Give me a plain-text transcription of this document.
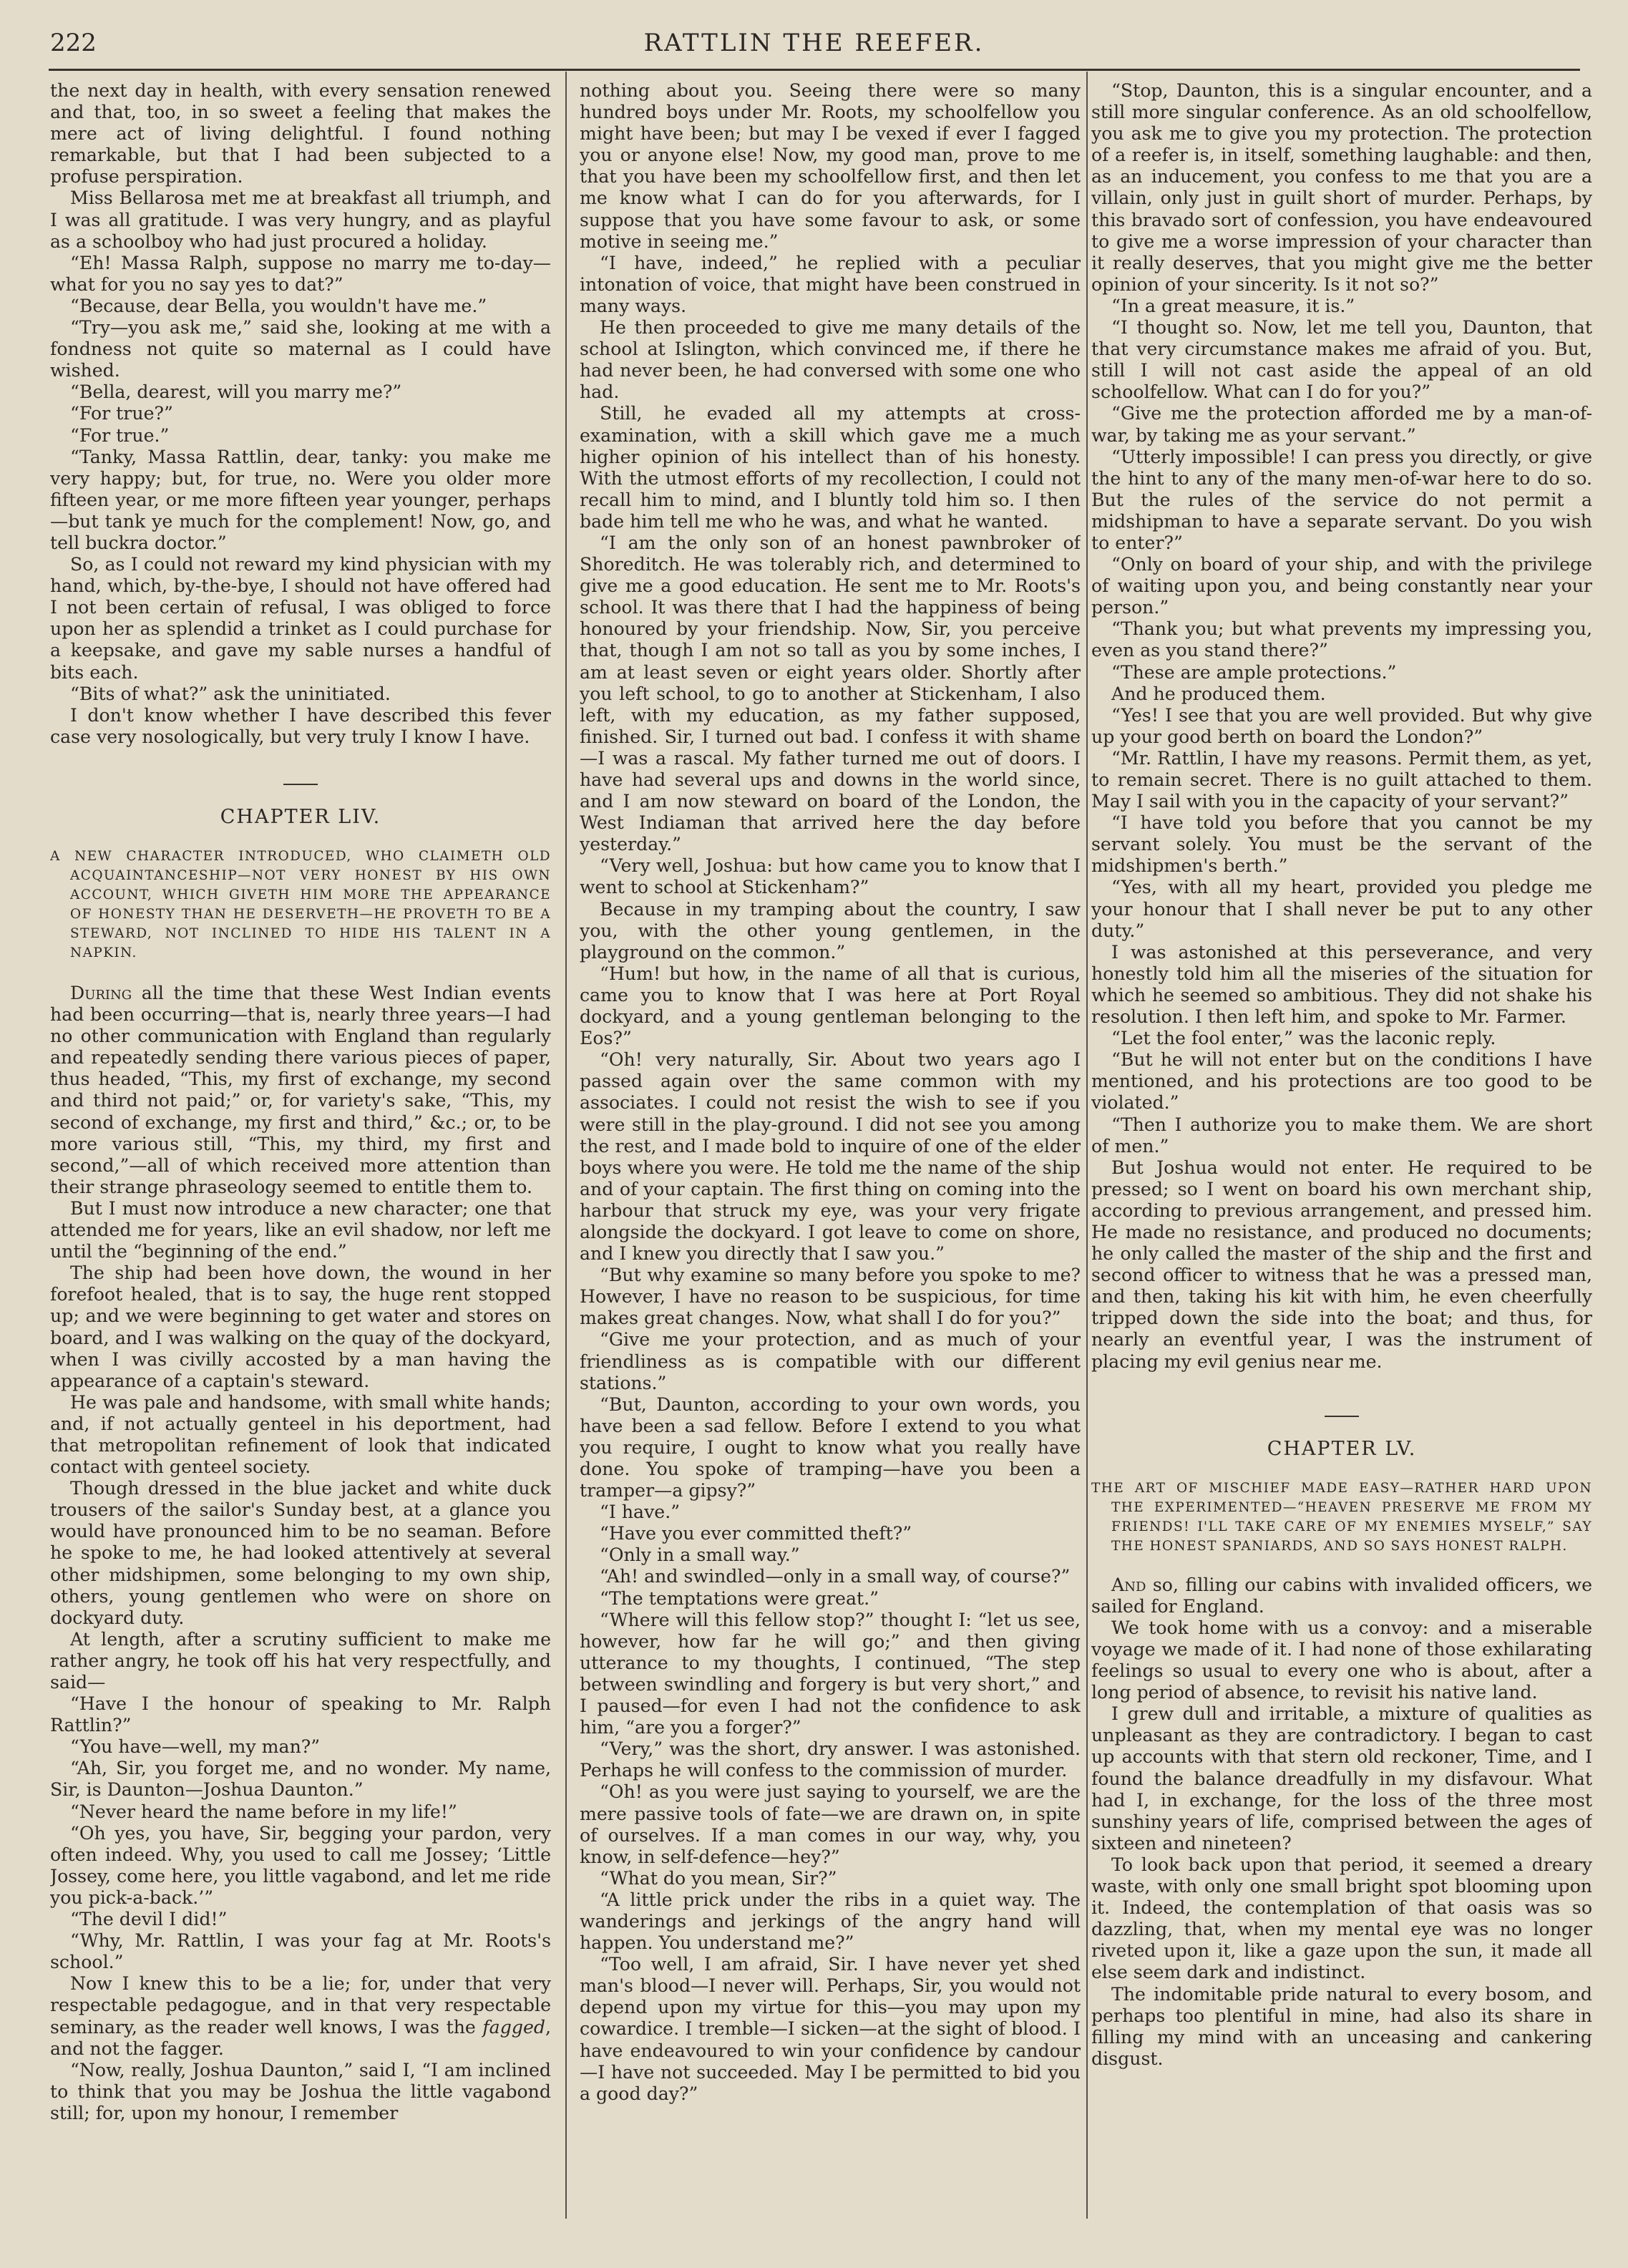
222	RATTLIN THE REEFER.

the next day in health, with every sensation renewed and that, too, in so sweet a feeling that makes the mere act of living delightful. I found nothing remarkable, but that I had been subjected to a profuse perspiration.

Miss Bellarosa met me at breakfast all triumph, and I was all gratitude. I was very hungry, and as playful as a schoolboy who had just procured a holiday.

“Eh! Massa Ralph, suppose no marry me to-day—what for you no say yes to dat?”

“Because, dear Bella, you wouldn't have me.”

“Try—you ask me,” said she, looking at me with a fondness not quite so maternal as I could have wished.

“Bella, dearest, will you marry me?”

“For true?”

“For true.”

“Tanky, Massa Rattlin, dear, tanky: you make me very happy; but, for true, no. Were you older more fifteen year, or me more fifteen year younger, perhaps—but tank ye much for the complement! Now, go, and tell buckra doctor.”

So, as I could not reward my kind physician with my hand, which, by-the-bye, I should not have offered had I not been certain of refusal, I was obliged to force upon her as splendid a trinket as I could purchase for a keepsake, and gave my sable nurses a handful of bits each.

“Bits of what?” ask the uninitiated.

I don't know whether I have described this fever case very nosologically, but very truly I know I have.

CHAPTER LIV.
A NEW CHARACTER INTRODUCED, WHO CLAIMETH OLD ACQUAINTANCESHIP—NOT VERY HONEST BY HIS OWN ACCOUNT, WHICH GIVETH HIM MORE THE APPEARANCE OF HONESTY THAN HE DESERVETH—HE PROVETH TO BE A STEWARD, NOT INCLINED TO HIDE HIS TALENT IN A NAPKIN.

During all the time that these West Indian events had been occurring—that is, nearly three years—I had no other communication with England than regularly and repeatedly sending there various pieces of paper, thus headed, “This, my first of exchange, my second and third not paid;” or, for variety's sake, “This, my second of exchange, my first and third,” &c.; or, to be more various still, “This, my third, my first and second,”—all of which received more attention than their strange phraseology seemed to entitle them to.

But I must now introduce a new character; one that attended me for years, like an evil shadow, nor left me until the “beginning of the end.”

The ship had been hove down, the wound in her forefoot healed, that is to say, the huge rent stopped up; and we were beginning to get water and stores on board, and I was walking on the quay of the dockyard, when I was civilly accosted by a man having the appearance of a captain's steward.

He was pale and handsome, with small white hands; and, if not actually genteel in his deportment, had that metropolitan refinement of look that indicated contact with genteel society.

Though dressed in the blue jacket and white duck trousers of the sailor's Sunday best, at a glance you would have pronounced him to be no seaman. Before he spoke to me, he had looked attentively at several other midshipmen, some belonging to my own ship, others, young gentlemen who were on shore on dockyard duty.

At length, after a scrutiny sufficient to make me rather angry, he took off his hat very respectfully, and said—

“Have I the honour of speaking to Mr. Ralph Rattlin?”

“You have—well, my man?”

“Ah, Sir, you forget me, and no wonder. My name, Sir, is Daunton—Joshua Daunton.”

“Never heard the name before in my life!”

“Oh yes, you have, Sir, begging your pardon, very often indeed. Why, you used to call me Jossey; ‘Little Jossey, come here, you little vagabond, and let me ride you pick-a-back.’”

“The devil I did!”

“Why, Mr. Rattlin, I was your fag at Mr. Roots's school.”

Now I knew this to be a lie; for, under that very respectable pedagogue, and in that very respectable seminary, as the reader well knows, I was the fagged, and not the fagger.

“Now, really, Joshua Daunton,” said I, “I am inclined to think that you may be Joshua the little vagabond still; for, upon my honour, I remember

nothing about you. Seeing there were so many hundred boys under Mr. Roots, my schoolfellow you might have been; but may I be vexed if ever I fagged you or anyone else! Now, my good man, prove to me that you have been my schoolfellow first, and then let me know what I can do for you afterwards, for I suppose that you have some favour to ask, or some motive in seeing me.”

“I have, indeed,” he replied with a peculiar intonation of voice, that might have been construed in many ways.

He then proceeded to give me many details of the school at Islington, which convinced me, if there he had never been, he had conversed with some one who had.

Still, he evaded all my attempts at cross-examination, with a skill which gave me a much higher opinion of his intellect than of his honesty. With the utmost efforts of my recollection, I could not recall him to mind, and I bluntly told him so. I then bade him tell me who he was, and what he wanted.

“I am the only son of an honest pawnbroker of Shoreditch. He was tolerably rich, and determined to give me a good education. He sent me to Mr. Roots's school. It was there that I had the happiness of being honoured by your friendship. Now, Sir, you perceive that, though I am not so tall as you by some inches, I am at least seven or eight years older. Shortly after you left school, to go to another at Stickenham, I also left, with my education, as my father supposed, finished. Sir, I turned out bad. I confess it with shame—I was a rascal. My father turned me out of doors. I have had several ups and downs in the world since, and I am now steward on board of the London, the West Indiaman that arrived here the day before yesterday.”

“Very well, Joshua: but how came you to know that I went to school at Stickenham?”

Because in my tramping about the country, I saw you, with the other young gentlemen, in the playground on the common.”

“Hum! but how, in the name of all that is curious, came you to know that I was here at Port Royal dockyard, and a young gentleman belonging to the Eos?”

“Oh! very naturally, Sir. About two years ago I passed again over the same common with my associates. I could not resist the wish to see if you were still in the play-ground. I did not see you among the rest, and I made bold to inquire of one of the elder boys where you were. He told me the name of the ship and of your captain. The first thing on coming into the harbour that struck my eye, was your very frigate alongside the dockyard. I got leave to come on shore, and I knew you directly that I saw you.”

“But why examine so many before you spoke to me? However, I have no reason to be suspicious, for time makes great changes. Now, what shall I do for you?”

“Give me your protection, and as much of your friendliness as is compatible with our different stations.”

“But, Daunton, according to your own words, you have been a sad fellow. Before I extend to you what you require, I ought to know what you really have done. You spoke of tramping—have you been a tramper—a gipsy?”

“I have.”

“Have you ever committed theft?”

“Only in a small way.”

“Ah! and swindled—only in a small way, of course?”

“The temptations were great.”

“Where will this fellow stop?” thought I: “let us see, however, how far he will go;” and then giving utterance to my thoughts, I continued, “The step between swindling and forgery is but very short,” and I paused—for even I had not the confidence to ask him, “are you a forger?”

“Very,” was the short, dry answer. I was astonished. Perhaps he will confess to the commission of murder.

“Oh! as you were just saying to yourself, we are the mere passive tools of fate—we are drawn on, in spite of ourselves. If a man comes in our way, why, you know, in self-defence—hey?”

“What do you mean, Sir?”

“A little prick under the ribs in a quiet way. The wanderings and jerkings of the angry hand will happen. You understand me?”

“Too well, I am afraid, Sir. I have never yet shed man's blood—I never will. Perhaps, Sir, you would not depend upon my virtue for this—you may upon my cowardice. I tremble—I sicken—at the sight of blood. I have endeavoured to win your confidence by candour—I have not succeeded. May I be permitted to bid you a good day?”

“Stop, Daunton, this is a singular encounter, and a still more singular conference. As an old schoolfellow, you ask me to give you my protection. The protection of a reefer is, in itself, something laughable: and then, as an inducement, you confess to me that you are a villain, only just in guilt short of murder. Perhaps, by this bravado sort of confession, you have endeavoured to give me a worse impression of your character than it really deserves, that you might give me the better opinion of your sincerity. Is it not so?”

“In a great measure, it is.”

“I thought so. Now, let me tell you, Daunton, that that very circumstance makes me afraid of you. But, still I will not cast aside the appeal of an old schoolfellow. What can I do for you?”

“Give me the protection afforded me by a man-of-war, by taking me as your servant.”

“Utterly impossible! I can press you directly, or give the hint to any of the many men-of-war here to do so. But the rules of the service do not permit a midshipman to have a separate servant. Do you wish to enter?”

“Only on board of your ship, and with the privilege of waiting upon you, and being constantly near your person.”

“Thank you; but what prevents my impressing you, even as you stand there?”

“These are ample protections.”

And he produced them.

“Yes! I see that you are well provided. But why give up your good berth on board the London?”

“Mr. Rattlin, I have my reasons. Permit them, as yet, to remain secret. There is no guilt attached to them. May I sail with you in the capacity of your servant?”

“I have told you before that you cannot be my servant solely. You must be the servant of the midshipmen's berth.”

“Yes, with all my heart, provided you pledge me your honour that I shall never be put to any other duty.”

I was astonished at this perseverance, and very honestly told him all the miseries of the situation for which he seemed so ambitious. They did not shake his resolution. I then left him, and spoke to Mr. Farmer.

“Let the fool enter,” was the laconic reply.

“But he will not enter but on the conditions I have mentioned, and his protections are too good to be violated.”

“Then I authorize you to make them. We are short of men.”

But Joshua would not enter. He required to be pressed; so I went on board his own merchant ship, according to previous arrangement, and pressed him. He made no resistance, and produced no documents; he only called the master of the ship and the first and second officer to witness that he was a pressed man, and then, taking his kit with him, he even cheerfully tripped down the side into the boat; and thus, for nearly an eventful year, I was the instrument of placing my evil genius near me.

CHAPTER LV.
THE ART OF MISCHIEF MADE EASY—RATHER HARD UPON THE EXPERIMENTED—“HEAVEN PRESERVE ME FROM MY FRIENDS! I'LL TAKE CARE OF MY ENEMIES MYSELF,” SAY THE HONEST SPANIARDS, AND SO SAYS HONEST RALPH.

And so, filling our cabins with invalided officers, we sailed for England.

We took home with us a convoy: and a miserable voyage we made of it. I had none of those exhilarating feelings so usual to every one who is about, after a long period of absence, to revisit his native land.

I grew dull and irritable, a mixture of qualities as unpleasant as they are contradictory. I began to cast up accounts with that stern old reckoner, Time, and I found the balance dreadfully in my disfavour. What had I, in exchange, for the loss of the three most sunshiny years of life, comprised between the ages of sixteen and nineteen?

To look back upon that period, it seemed a dreary waste, with only one small bright spot blooming upon it. Indeed, the contemplation of that oasis was so dazzling, that, when my mental eye was no longer riveted upon it, like a gaze upon the sun, it made all else seem dark and indistinct.

The indomitable pride natural to every bosom, and perhaps too plentiful in mine, had also its share in filling my mind with an unceasing and cankering disgust.
